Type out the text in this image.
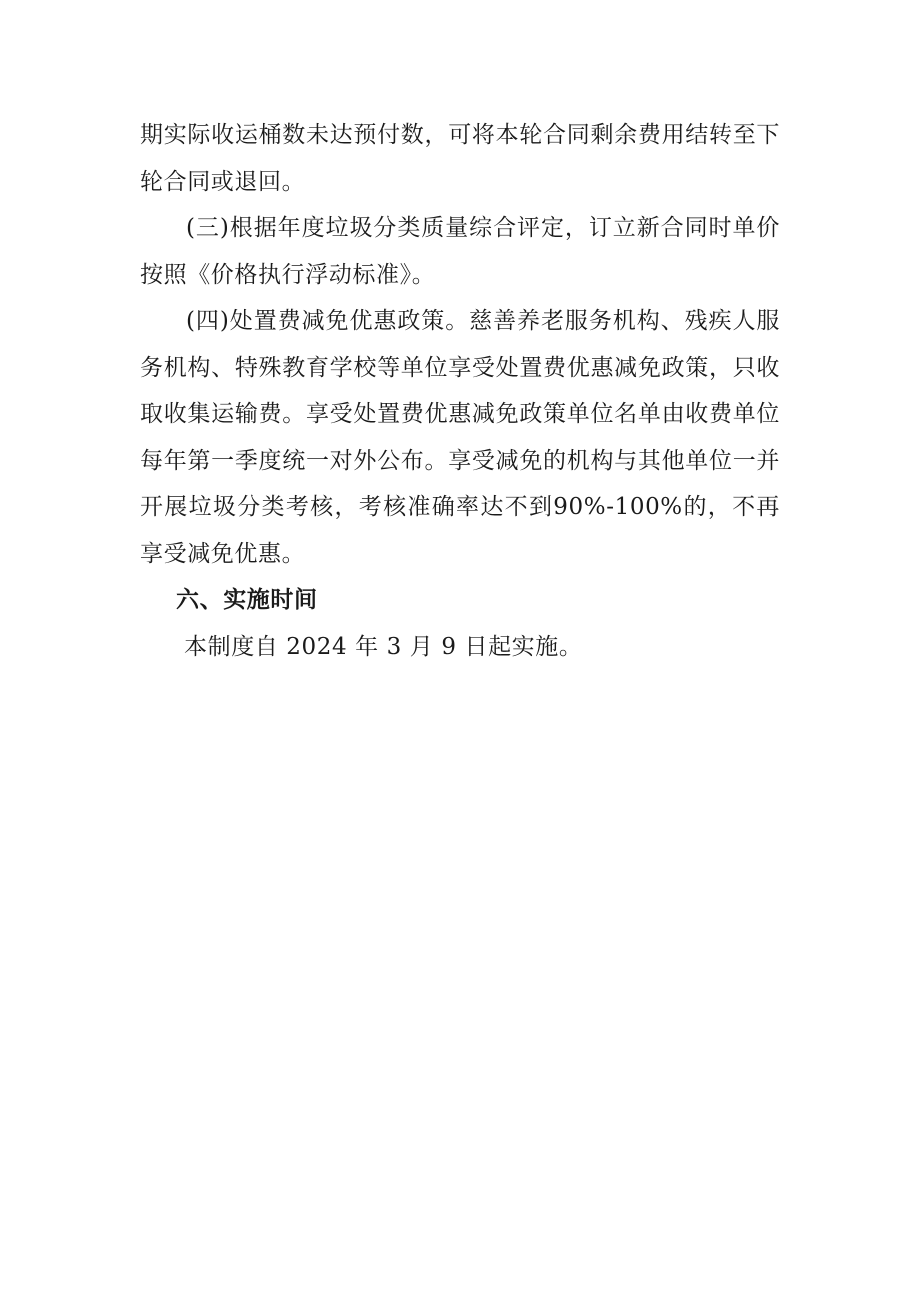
期实际收运桶数未达预付数，可将本轮合同剩余费用结转至下轮合同或退回。

(三)根据年度垃圾分类质量综合评定，订立新合同时单价按照《价格执行浮动标准》。

(四)处置费减免优惠政策。慈善养老服务机构、残疾人服务机构、特殊教育学校等单位享受处置费优惠减免政策，只收取收集运输费。享受处置费优惠减免政策单位名单由收费单位每年第一季度统一对外公布。享受减免的机构与其他单位一并开展垃圾分类考核，考核准确率达不到90%-100%的，不再享受减免优惠。

六、实施时间

本制度自 2024 年 3 月 9 日起实施。
